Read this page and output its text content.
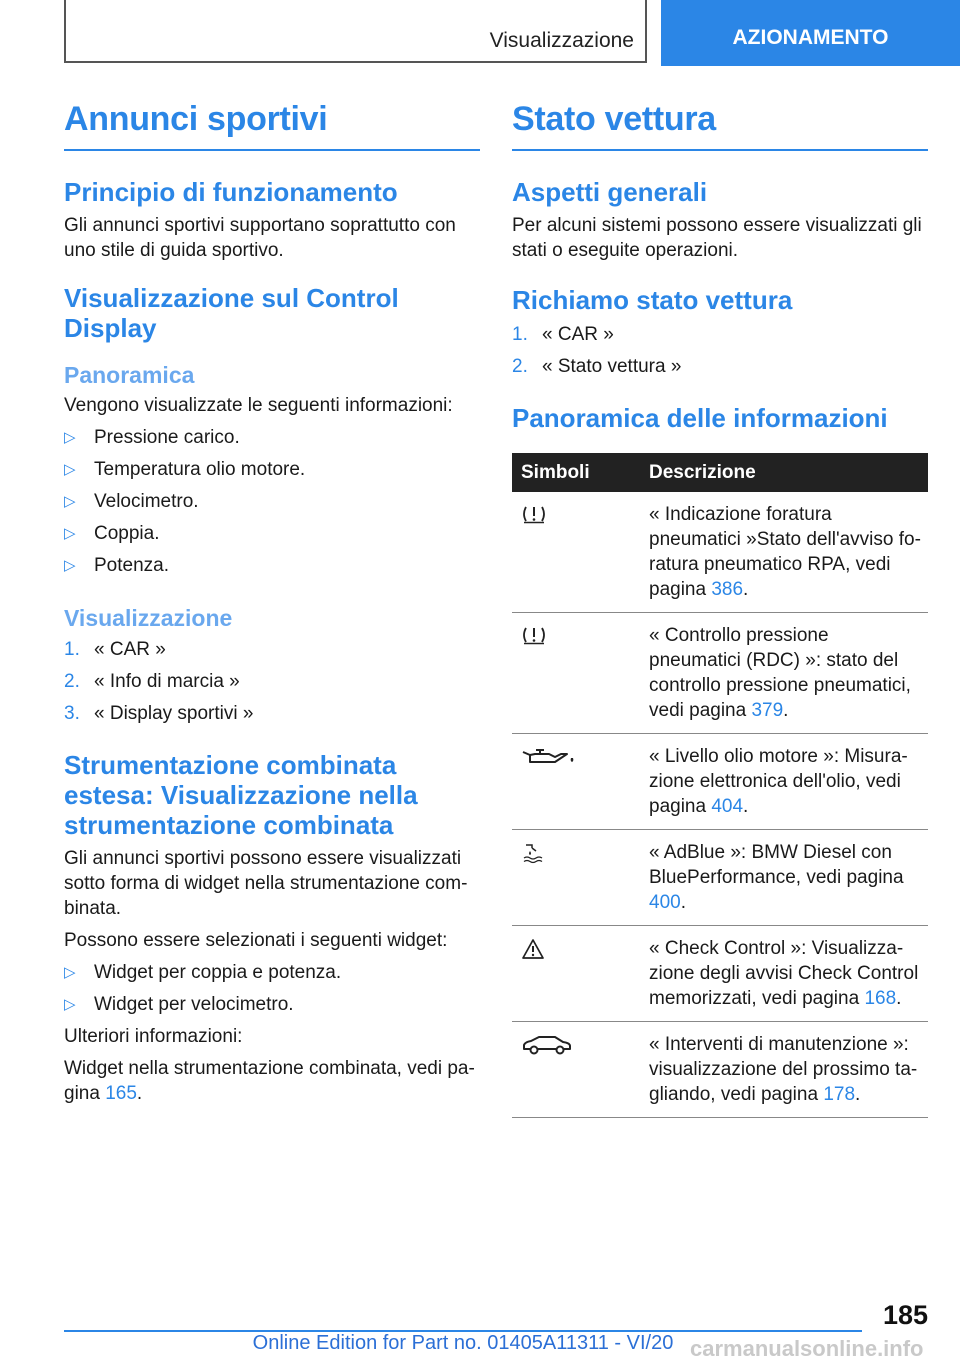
Visualizzazione	AZIONAMENTO
Annunci sportivi
Principio di funzionamento

Gli annunci sportivi supportano soprattutto con uno stile di guida sportivo.

Visualizzazione sul Control Display
Panoramica

Vengono visualizzate le seguenti informazioni:

▷ Pressione carico.
▷ Temperatura olio motore.
▷ Velocimetro.
▷ Coppia.
▷ Potenza.
Visualizzazione
1. « CAR »
2. « Info di marcia »
3. « Display sportivi »
Strumentazione combinata estesa: Visualizzazione nella strumentazione combinata

Gli annunci sportivi possono essere visualizzati sotto forma di widget nella strumentazione combinata.

Possono essere selezionati i seguenti widget:

▷ Widget per coppia e potenza.
▷ Widget per velocimetro.

Ulteriori informazioni:

Widget nella strumentazione combinata, vedi pagina 165.

Stato vettura
Aspetti generali

Per alcuni sistemi possono essere visualizzati gli stati o eseguite operazioni.

Richiamo stato vettura
1. « CAR »
2. « Stato vettura »
Panoramica delle informazioni
Simboli	Descrizione
	« Indicazione foratura pneumatici »Stato dell'avviso foratura pneumatico RPA, vedi pagina 386.
	« Controllo pressione pneumatici (RDC) »: stato del controllo pressione pneumatici, vedi pagina 379.
	« Livello olio motore »: Misurazione elettronica dell'olio, vedi pagina 404.
	« AdBlue »: BMW Diesel con BluePerformance, vedi pagina 400.
	« Check Control »: Visualizzazione degli avvisi Check Control memorizzati, vedi pagina 168.
	« Interventi di manutenzione »: visualizzazione del prossimo tagliando, vedi pagina 178.
185
Online Edition for Part no. 01405A11311 - VI/20 carmanualsonline.info
